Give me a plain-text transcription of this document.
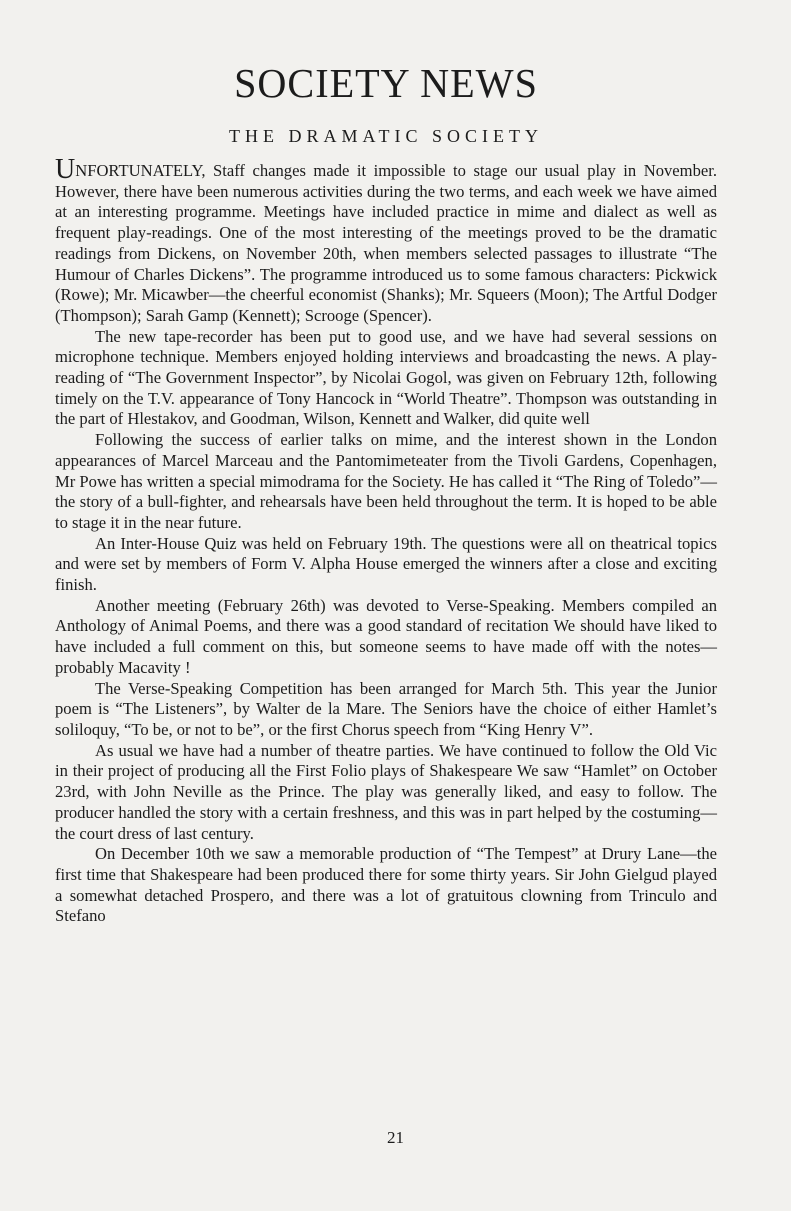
SOCIETY NEWS
THE DRAMATIC SOCIETY

UNFORTUNATELY, Staff changes made it impossible to stage our usual play in November. However, there have been numerous activities during the two terms, and each week we have aimed at an interesting programme. Meetings have included practice in mime and dialect as well as frequent play-readings. One of the most interesting of the meetings proved to be the dramatic readings from Dickens, on November 20th, when members selected passages to illustrate “The Humour of Charles Dickens”. The programme introduced us to some famous characters: Pickwick (Rowe); Mr. Micawber—the cheerful economist (Shanks); Mr. Squeers (Moon); The Artful Dodger (Thompson); Sarah Gamp (Kennett); Scrooge (Spencer).

The new tape-recorder has been put to good use, and we have had several sessions on microphone technique. Members enjoyed holding interviews and broadcasting the news. A play-reading of “The Government Inspector”, by Nicolai Gogol, was given on February 12th, following timely on the T.V. appearance of Tony Hancock in “World Theatre”. Thompson was outstanding in the part of Hlestakov, and Goodman, Wilson, Kennett and Walker, did quite well

Following the success of earlier talks on mime, and the interest shown in the London appearances of Marcel Marceau and the Pantomimeteater from the Tivoli Gardens, Copenhagen, Mr Powe has written a special mimodrama for the Society. He has called it “The Ring of Toledo”—the story of a bull-fighter, and rehearsals have been held throughout the term. It is hoped to be able to stage it in the near future.

An Inter-House Quiz was held on February 19th. The questions were all on theatrical topics and were set by members of Form V. Alpha House emerged the winners after a close and exciting finish.

Another meeting (February 26th) was devoted to Verse-Speaking. Members compiled an Anthology of Animal Poems, and there was a good standard of recitation We should have liked to have included a full comment on this, but someone seems to have made off with the notes—probably Macavity !

The Verse-Speaking Competition has been arranged for March 5th. This year the Junior poem is “The Listeners”, by Walter de la Mare. The Seniors have the choice of either Hamlet’s soliloquy, “To be, or not to be”, or the first Chorus speech from “King Henry V”.

As usual we have had a number of theatre parties. We have continued to follow the Old Vic in their project of producing all the First Folio plays of Shakespeare We saw “Hamlet” on October 23rd, with John Neville as the Prince. The play was generally liked, and easy to follow. The producer handled the story with a certain freshness, and this was in part helped by the costuming—the court dress of last century.

On December 10th we saw a memorable production of “The Tempest” at Drury Lane—the first time that Shakespeare had been produced there for some thirty years. Sir John Gielgud played a somewhat detached Prospero, and there was a lot of gratuitous clowning from Trinculo and Stefano

21
